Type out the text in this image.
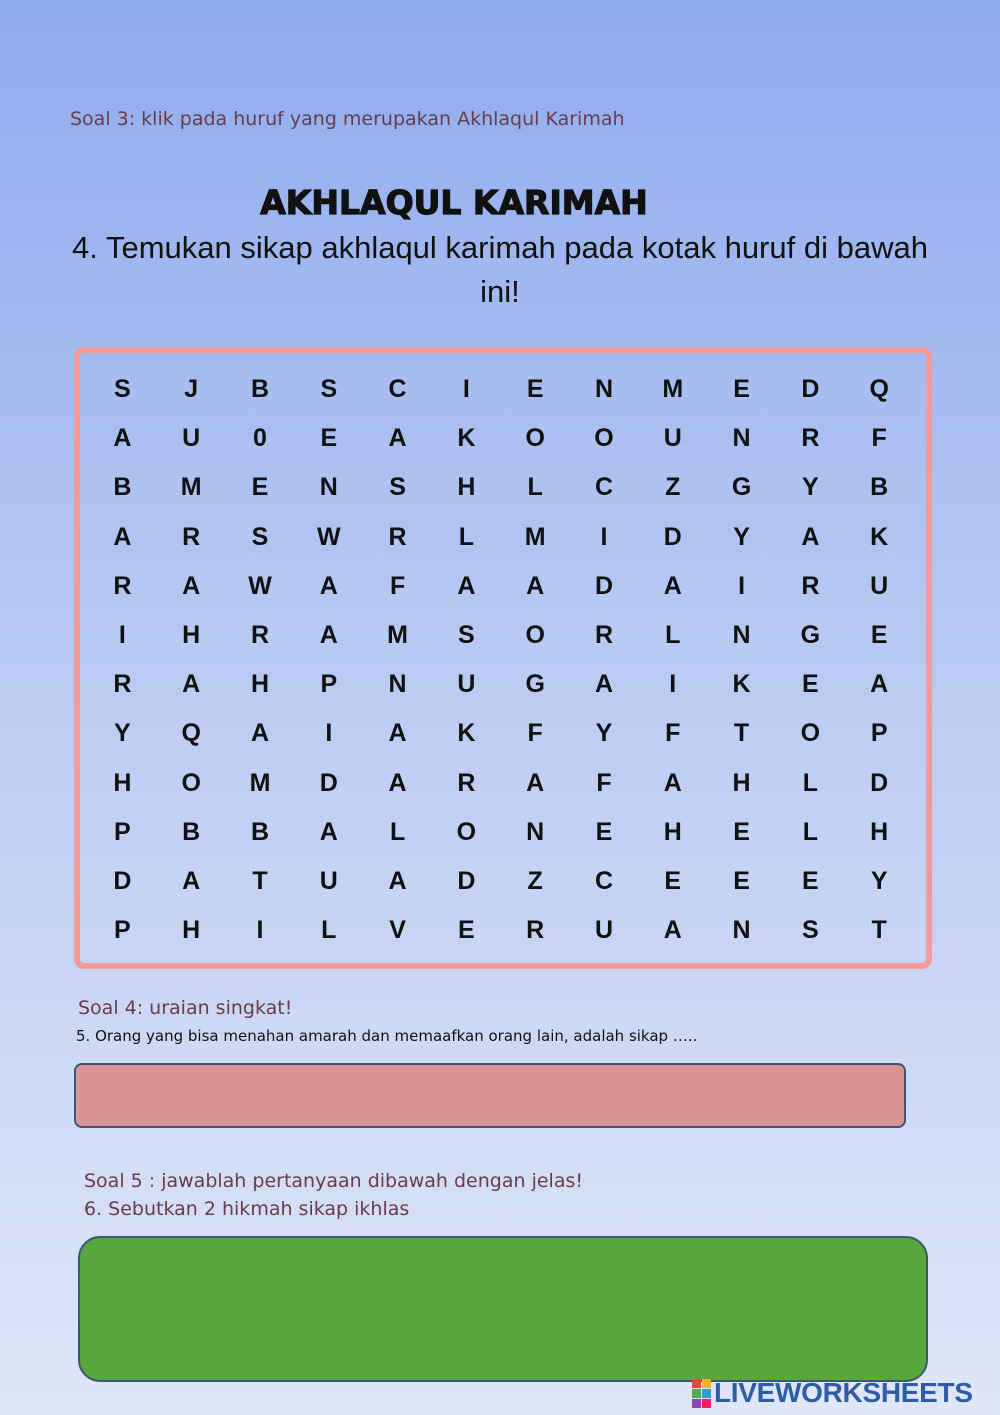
Soal 3: klik pada huruf yang merupakan Akhlaqul Karimah
AKHLAQUL KARIMAH
4. Temukan sikap akhlaqul karimah pada kotak huruf di bawah ini!
S	J	B	S	C	I	E	N	M	E	D	Q
A	U	0	E	A	K	O	O	U	N	R	F
B	M	E	N	S	H	L	C	Z	G	Y	B
A	R	S	W	R	L	M	I	D	Y	A	K
R	A	W	A	F	A	A	D	A	I	R	U
I	H	R	A	M	S	O	R	L	N	G	E
R	A	H	P	N	U	G	A	I	K	E	A
Y	Q	A	I	A	K	F	Y	F	T	O	P
H	O	M	D	A	R	A	F	A	H	L	D
P	B	B	A	L	O	N	E	H	E	L	H
D	A	T	U	A	D	Z	C	E	E	E	Y
P	H	I	L	V	E	R	U	A	N	S	T
Soal 4: uraian singkat!
5. Orang yang bisa menahan amarah dan memaafkan orang lain, adalah sikap …..
Soal 5 : jawablah pertanyaan dibawah dengan jelas!
6. Sebutkan 2 hikmah sikap ikhlas
LIVEWORKSHEETS
